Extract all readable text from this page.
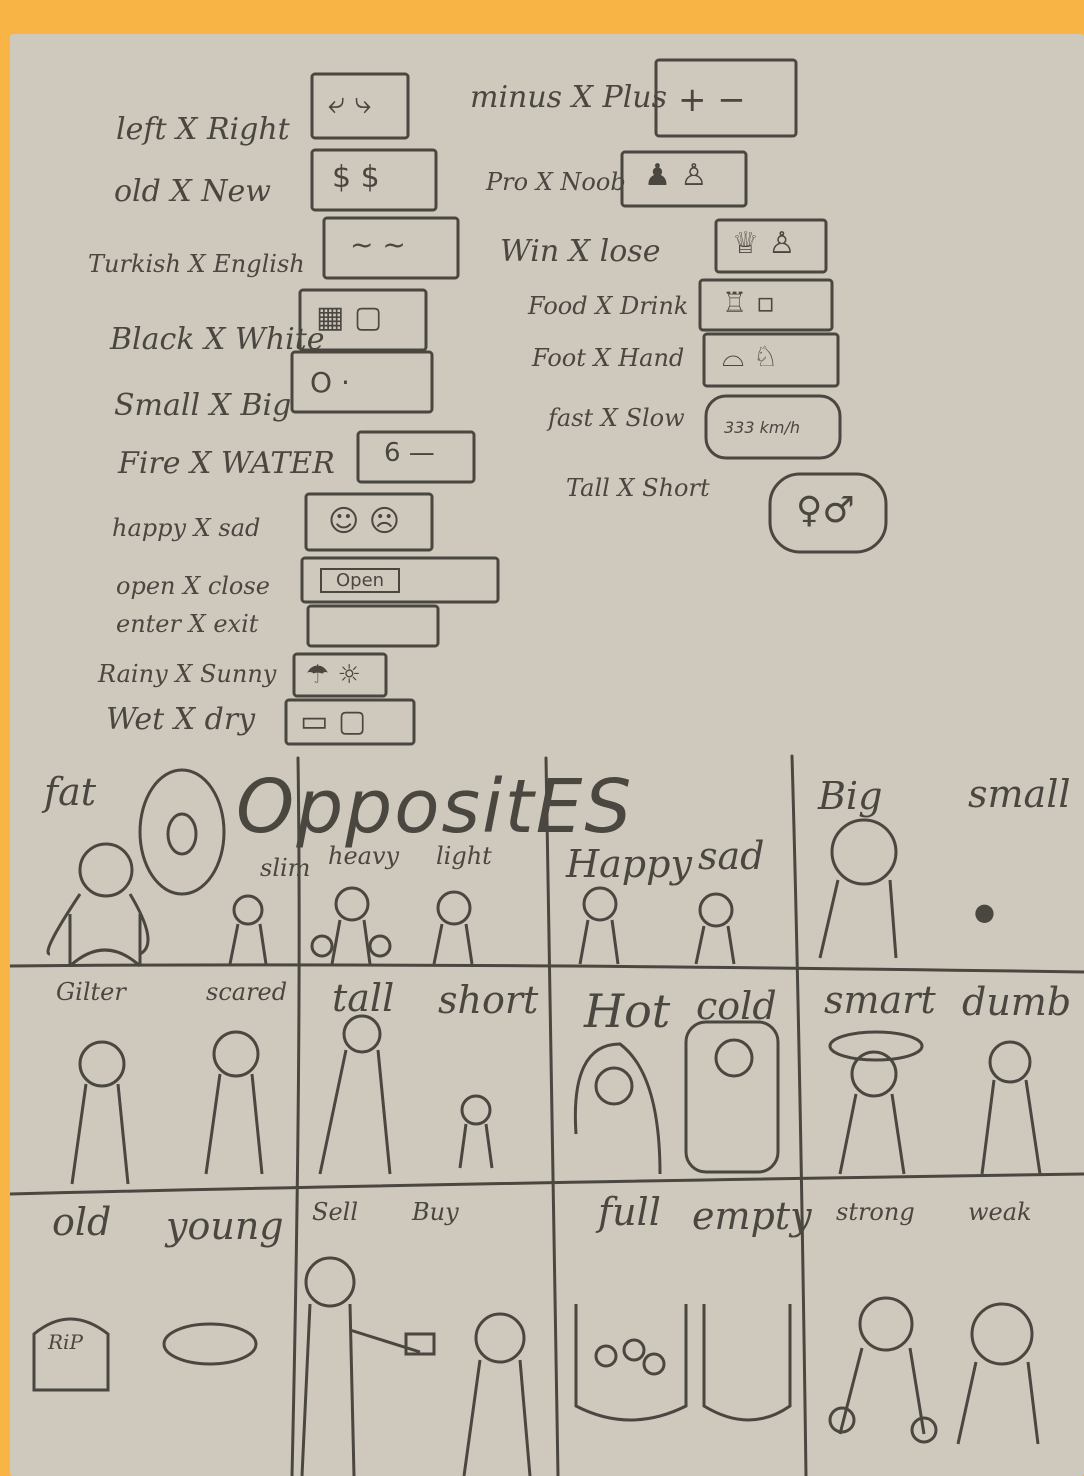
left X Right
old X New
Turkish X English
Black X White
Small X Big
Fire X WATER
happy X sad
open X close
enter X exit
Rainy X Sunny
Wet X dry
⤶ ⤷
$ $
~ ~
▦ ▢
O ·
6 —
☺ ☹
Open
☂ ☼
▭ ▢
minus X Plus
Pro X Noob
Win X lose
Food X Drink
Foot X Hand
fast X Slow
Tall X Short
+ −
♟ ♙
♕ ♙
♖ ▫
⌓ ♘
333 km/h
♀♂
OppositES
fat
slim heavy light Happy sad
Big small
●
Gilter	scared tall short Hot cold smart dumb
old young Sell Buy	full empty strong weak
RiP
